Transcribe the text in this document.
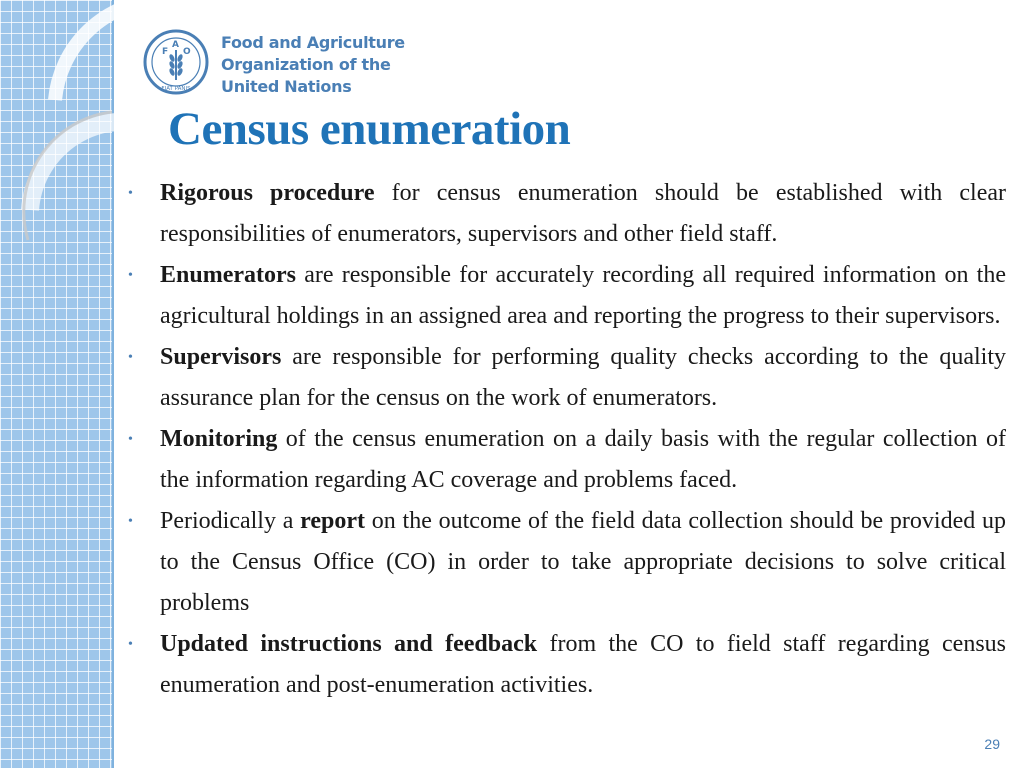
F
A
O
FIAT PANIS
Food and Agriculture
Organization of the
United Nations
Census enumeration
• Rigorous procedure for census enumeration should be established with clear responsibilities of enumerators, supervisors and other field staff.
• Enumerators are responsible for accurately recording all required information on the agricultural holdings in an assigned area and reporting the progress to their supervisors.
• Supervisors are responsible for performing quality checks according to the quality assurance plan for the census on the work of enumerators.
• Monitoring of the census enumeration on a daily basis with the regular collection of the information regarding AC coverage and problems faced.
• Periodically a report on the outcome of the field data collection should be provided up to the Census Office (CO) in order to take appropriate decisions to solve critical problems
• Updated instructions and feedback from the CO to field staff regarding census enumeration and post-enumeration activities.
29
